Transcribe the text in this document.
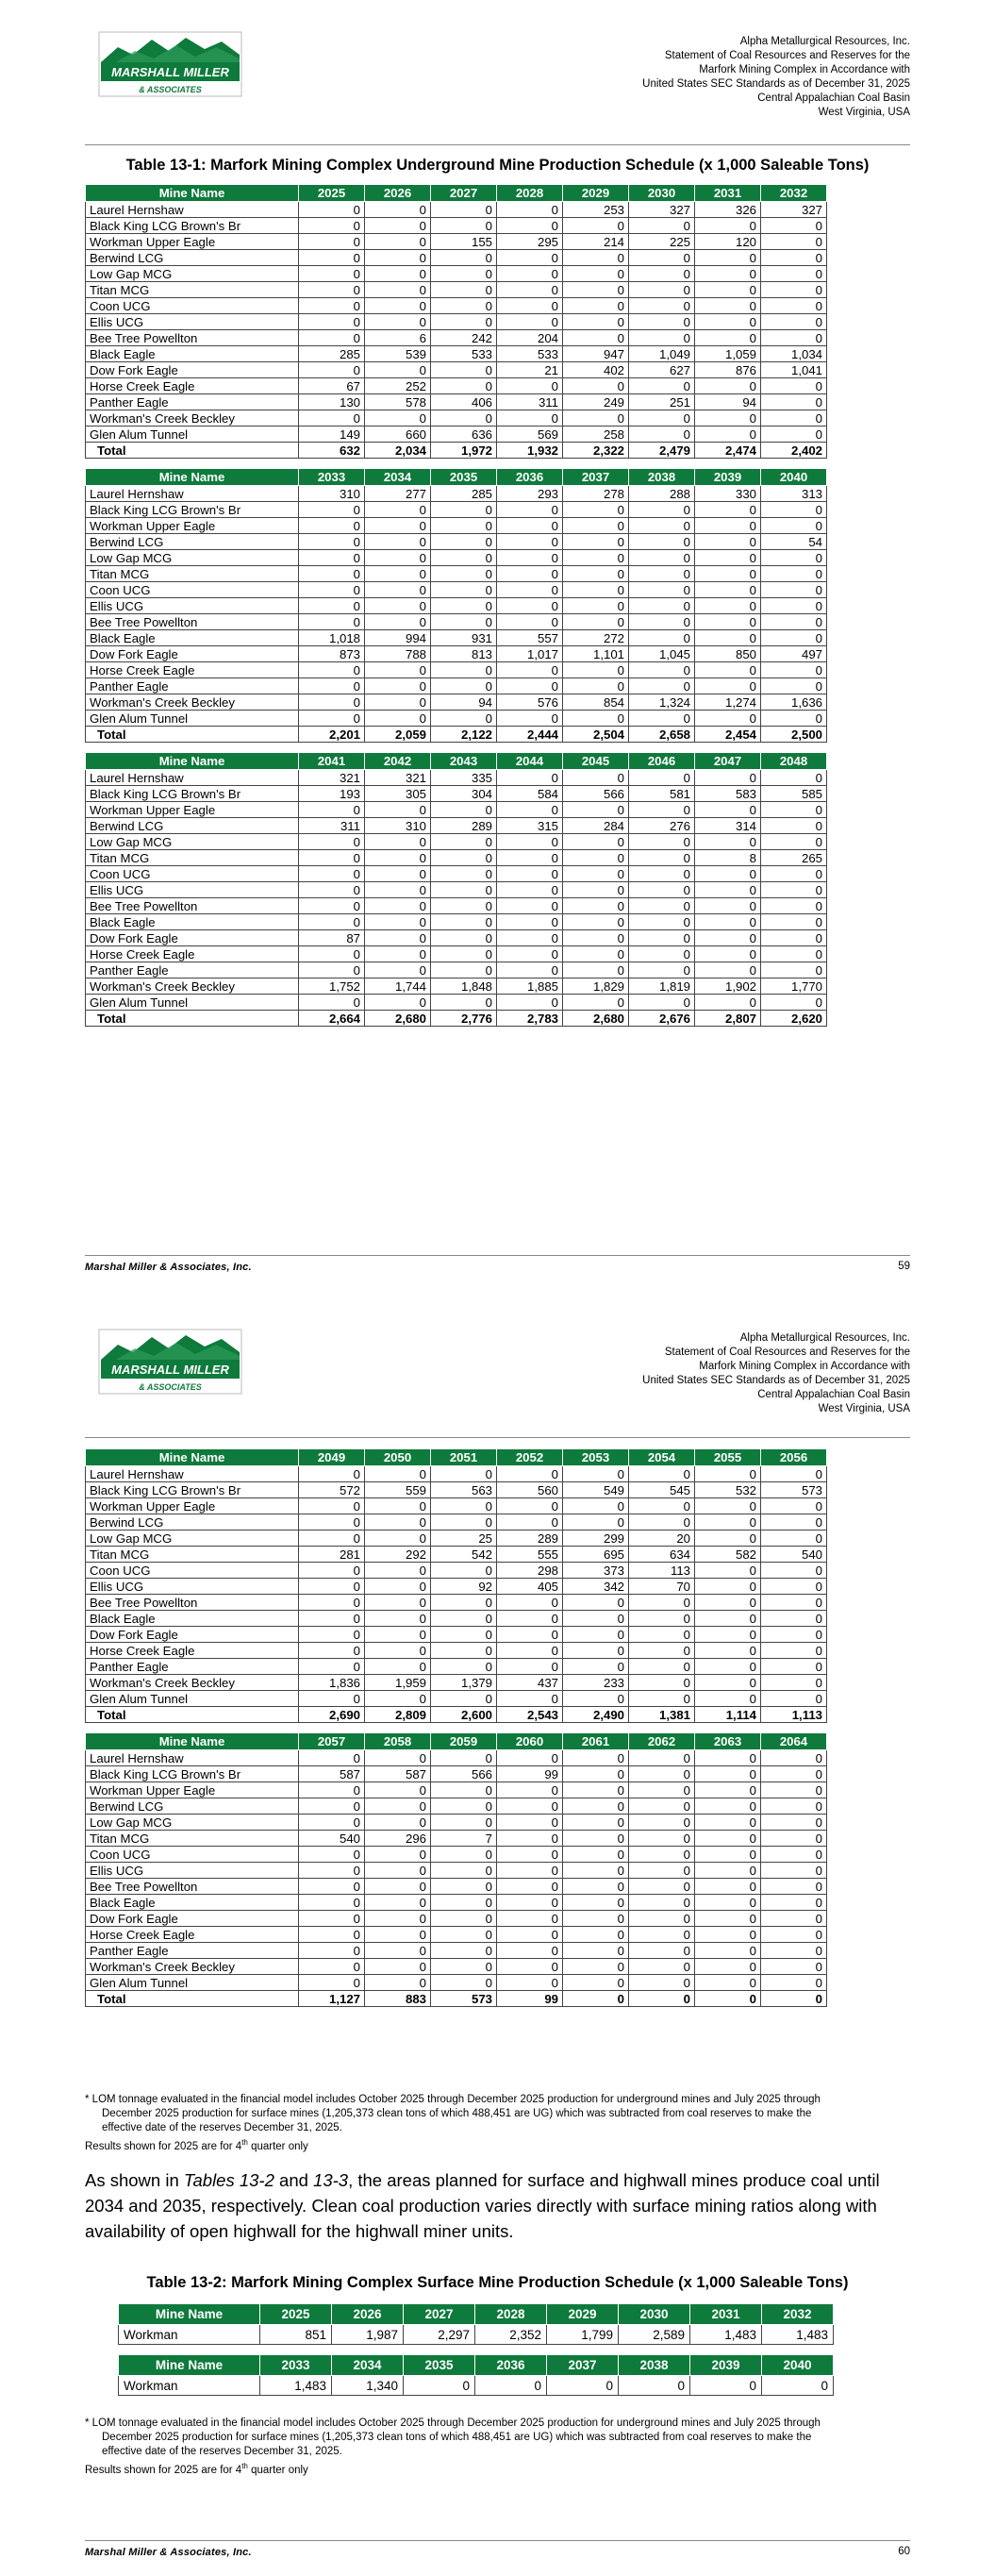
MARSHALL MILLER
& ASSOCIATES
Alpha Metallurgical Resources, Inc.
Statement of Coal Resources and Reserves for the
Marfork Mining Complex in Accordance with
United States SEC Standards as of December 31, 2025
Central Appalachian Coal Basin
West Virginia, USA
Table 13-1: Marfork Mining Complex Underground Mine Production Schedule (x 1,000 Saleable Tons)
Mine Name	2025	2026	2027	2028	2029	2030	2031	2032
Laurel Hernshaw	0	0	0	0	253	327	326	327
Black King LCG Brown's Br	0	0	0	0	0	0	0	0
Workman Upper Eagle	0	0	155	295	214	225	120	0
Berwind LCG	0	0	0	0	0	0	0	0
Low Gap MCG	0	0	0	0	0	0	0	0
Titan MCG	0	0	0	0	0	0	0	0
Coon UCG	0	0	0	0	0	0	0	0
Ellis UCG	0	0	0	0	0	0	0	0
Bee Tree Powellton	0	6	242	204	0	0	0	0
Black Eagle	285	539	533	533	947	1,049	1,059	1,034
Dow Fork Eagle	0	0	0	21	402	627	876	1,041
Horse Creek Eagle	67	252	0	0	0	0	0	0
Panther Eagle	130	578	406	311	249	251	94	0
Workman's Creek Beckley	0	0	0	0	0	0	0	0
Glen Alum Tunnel	149	660	636	569	258	0	0	0
Total	632	2,034	1,972	1,932	2,322	2,479	2,474	2,402

Mine Name	2033	2034	2035	2036	2037	2038	2039	2040
Laurel Hernshaw	310	277	285	293	278	288	330	313
Black King LCG Brown's Br	0	0	0	0	0	0	0	0
Workman Upper Eagle	0	0	0	0	0	0	0	0
Berwind LCG	0	0	0	0	0	0	0	54
Low Gap MCG	0	0	0	0	0	0	0	0
Titan MCG	0	0	0	0	0	0	0	0
Coon UCG	0	0	0	0	0	0	0	0
Ellis UCG	0	0	0	0	0	0	0	0
Bee Tree Powellton	0	0	0	0	0	0	0	0
Black Eagle	1,018	994	931	557	272	0	0	0
Dow Fork Eagle	873	788	813	1,017	1,101	1,045	850	497
Horse Creek Eagle	0	0	0	0	0	0	0	0
Panther Eagle	0	0	0	0	0	0	0	0
Workman's Creek Beckley	0	0	94	576	854	1,324	1,274	1,636
Glen Alum Tunnel	0	0	0	0	0	0	0	0
Total	2,201	2,059	2,122	2,444	2,504	2,658	2,454	2,500

Mine Name	2041	2042	2043	2044	2045	2046	2047	2048
Laurel Hernshaw	321	321	335	0	0	0	0	0
Black King LCG Brown's Br	193	305	304	584	566	581	583	585
Workman Upper Eagle	0	0	0	0	0	0	0	0
Berwind LCG	311	310	289	315	284	276	314	0
Low Gap MCG	0	0	0	0	0	0	0	0
Titan MCG	0	0	0	0	0	0	8	265
Coon UCG	0	0	0	0	0	0	0	0
Ellis UCG	0	0	0	0	0	0	0	0
Bee Tree Powellton	0	0	0	0	0	0	0	0
Black Eagle	0	0	0	0	0	0	0	0
Dow Fork Eagle	87	0	0	0	0	0	0	0
Horse Creek Eagle	0	0	0	0	0	0	0	0
Panther Eagle	0	0	0	0	0	0	0	0
Workman's Creek Beckley	1,752	1,744	1,848	1,885	1,829	1,819	1,902	1,770
Glen Alum Tunnel	0	0	0	0	0	0	0	0
Total	2,664	2,680	2,776	2,783	2,680	2,676	2,807	2,620
Marshal Miller & Associates, Inc.	59
MARSHALL MILLER
& ASSOCIATES
Alpha Metallurgical Resources, Inc.
Statement of Coal Resources and Reserves for the
Marfork Mining Complex in Accordance with
United States SEC Standards as of December 31, 2025
Central Appalachian Coal Basin
West Virginia, USA
Mine Name	2049	2050	2051	2052	2053	2054	2055	2056
Laurel Hernshaw	0	0	0	0	0	0	0	0
Black King LCG Brown's Br	572	559	563	560	549	545	532	573
Workman Upper Eagle	0	0	0	0	0	0	0	0
Berwind LCG	0	0	0	0	0	0	0	0
Low Gap MCG	0	0	25	289	299	20	0	0
Titan MCG	281	292	542	555	695	634	582	540
Coon UCG	0	0	0	298	373	113	0	0
Ellis UCG	0	0	92	405	342	70	0	0
Bee Tree Powellton	0	0	0	0	0	0	0	0
Black Eagle	0	0	0	0	0	0	0	0
Dow Fork Eagle	0	0	0	0	0	0	0	0
Horse Creek Eagle	0	0	0	0	0	0	0	0
Panther Eagle	0	0	0	0	0	0	0	0
Workman's Creek Beckley	1,836	1,959	1,379	437	233	0	0	0
Glen Alum Tunnel	0	0	0	0	0	0	0	0
Total	2,690	2,809	2,600	2,543	2,490	1,381	1,114	1,113

Mine Name	2057	2058	2059	2060	2061	2062	2063	2064
Laurel Hernshaw	0	0	0	0	0	0	0	0
Black King LCG Brown's Br	587	587	566	99	0	0	0	0
Workman Upper Eagle	0	0	0	0	0	0	0	0
Berwind LCG	0	0	0	0	0	0	0	0
Low Gap MCG	0	0	0	0	0	0	0	0
Titan MCG	540	296	7	0	0	0	0	0
Coon UCG	0	0	0	0	0	0	0	0
Ellis UCG	0	0	0	0	0	0	0	0
Bee Tree Powellton	0	0	0	0	0	0	0	0
Black Eagle	0	0	0	0	0	0	0	0
Dow Fork Eagle	0	0	0	0	0	0	0	0
Horse Creek Eagle	0	0	0	0	0	0	0	0
Panther Eagle	0	0	0	0	0	0	0	0
Workman's Creek Beckley	0	0	0	0	0	0	0	0
Glen Alum Tunnel	0	0	0	0	0	0	0	0
Total	1,127	883	573	99	0	0	0	0
* LOM tonnage evaluated in the financial model includes October 2025 through December 2025 production for underground mines and July 2025 through
December 2025 production for surface mines (1,205,373 clean tons of which 488,451 are UG) which was subtracted from coal reserves to make the
effective date of the reserves December 31, 2025.
Results shown for 2025 are for 4th quarter only
As shown in Tables 13-2 and 13-3, the areas planned for surface and highwall mines produce coal until 2034 and 2035, respectively. Clean coal production varies directly with surface mining ratios along with availability of open highwall for the highwall miner units.
Table 13-2: Marfork Mining Complex Surface Mine Production Schedule (x 1,000 Saleable Tons)
Mine Name	2025	2026	2027	2028	2029	2030	2031	2032
Workman	851	1,987	2,297	2,352	1,799	2,589	1,483	1,483

Mine Name	2033	2034	2035	2036	2037	2038	2039	2040
Workman	1,483	1,340	0	0	0	0	0	0
* LOM tonnage evaluated in the financial model includes October 2025 through December 2025 production for underground mines and July 2025 through
December 2025 production for surface mines (1,205,373 clean tons of which 488,451 are UG) which was subtracted from coal reserves to make the
effective date of the reserves December 31, 2025.
Results shown for 2025 are for 4th quarter only
Marshal Miller & Associates, Inc.	60
